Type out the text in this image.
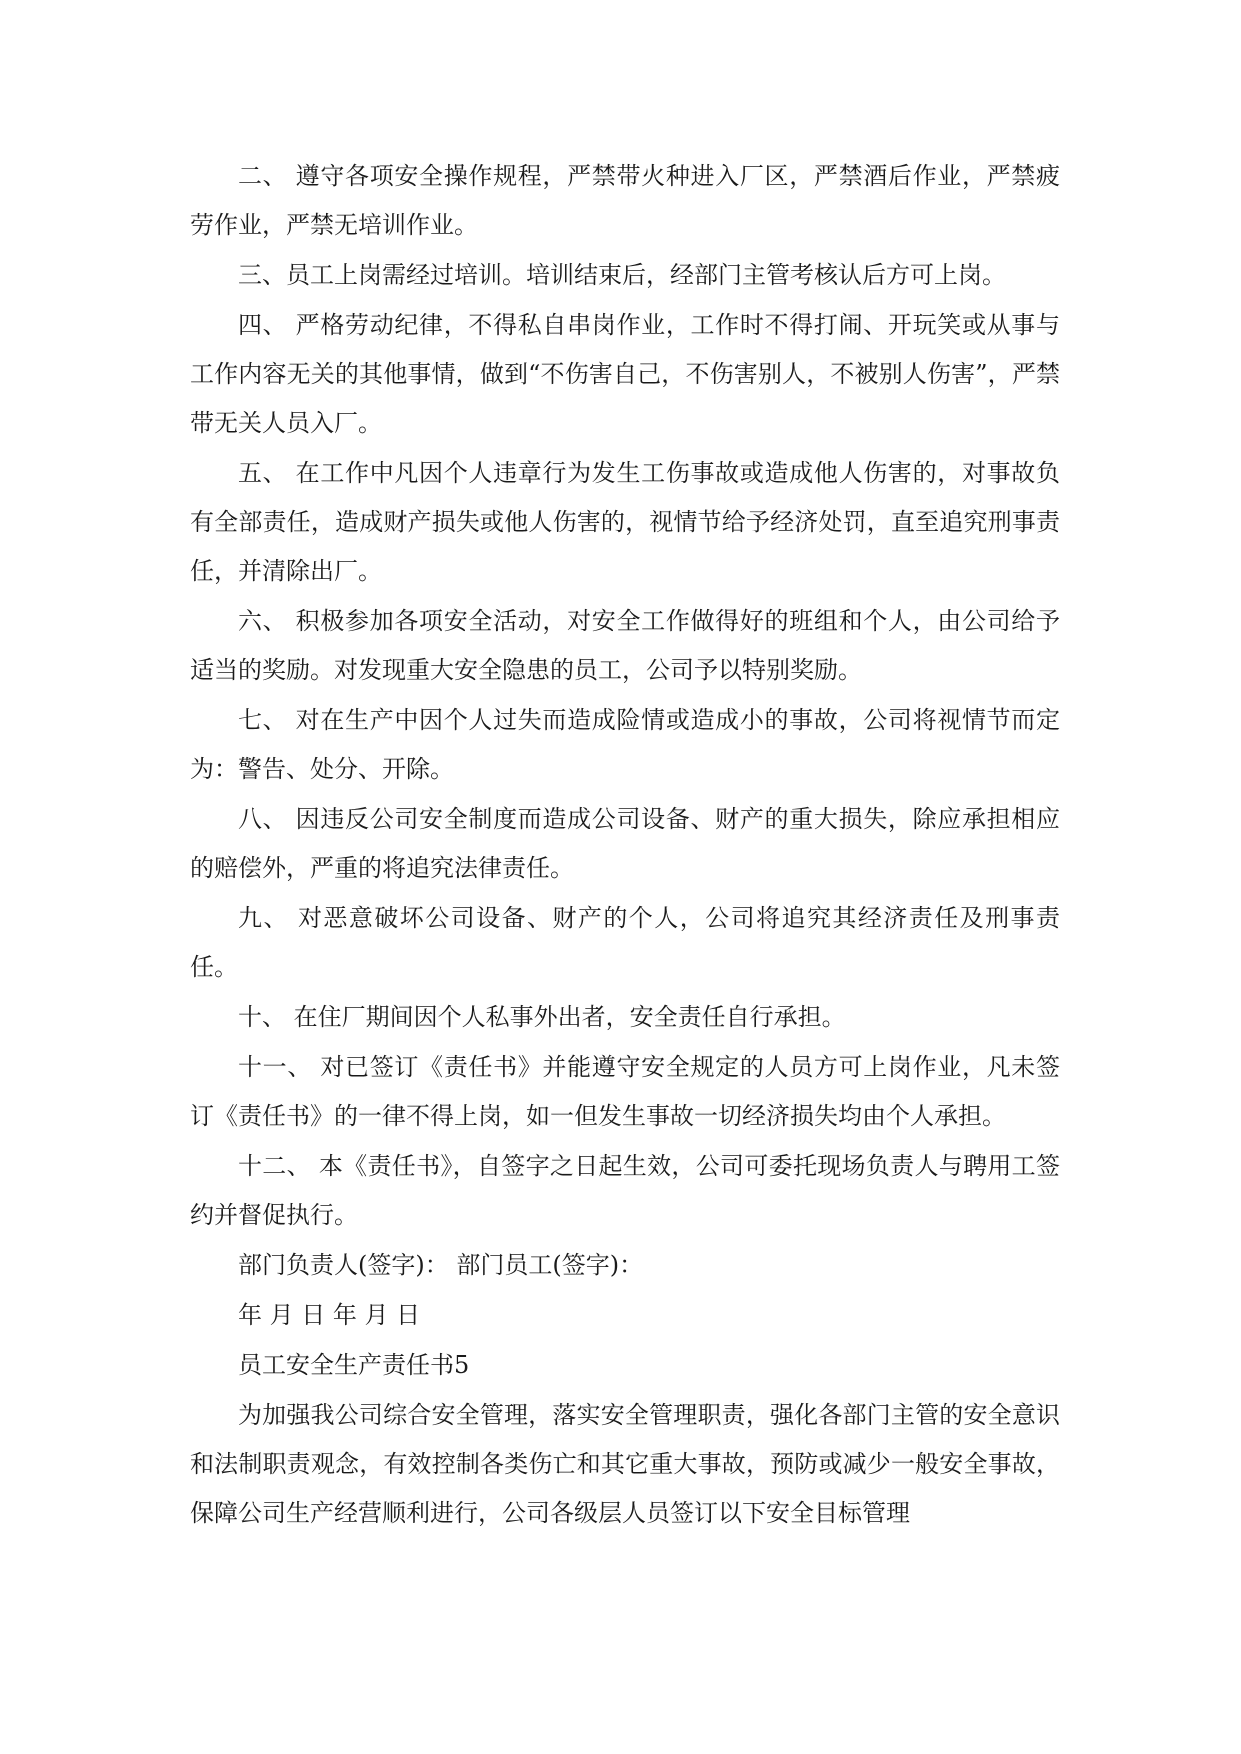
二、 遵守各项安全操作规程，严禁带火种进入厂区，严禁酒后作业，严禁疲劳作业，严禁无培训作业。

三、员工上岗需经过培训。培训结束后，经部门主管考核认后方可上岗。

四、 严格劳动纪律，不得私自串岗作业，工作时不得打闹、开玩笑或从事与工作内容无关的其他事情，做到“不伤害自己，不伤害别人，不被别人伤害”，严禁带无关人员入厂。

五、 在工作中凡因个人违章行为发生工伤事故或造成他人伤害的，对事故负有全部责任，造成财产损失或他人伤害的，视情节给予经济处罚，直至追究刑事责任，并清除出厂。

六、 积极参加各项安全活动，对安全工作做得好的班组和个人，由公司给予适当的奖励。对发现重大安全隐患的员工，公司予以特别奖励。

七、 对在生产中因个人过失而造成险情或造成小的事故，公司将视情节而定为：警告、处分、开除。

八、 因违反公司安全制度而造成公司设备、财产的重大损失，除应承担相应的赔偿外，严重的将追究法律责任。

九、 对恶意破坏公司设备、财产的个人，公司将追究其经济责任及刑事责任。

十、 在住厂期间因个人私事外出者，安全责任自行承担。

十一、 对已签订《责任书》并能遵守安全规定的人员方可上岗作业，凡未签订《责任书》的一律不得上岗，如一但发生事故一切经济损失均由个人承担。

十二、 本《责任书》，自签字之日起生效，公司可委托现场负责人与聘用工签约并督促执行。

部门负责人(签字)： 部门员工(签字)：

年 月 日 年 月 日

员工安全生产责任书5

为加强我公司综合安全管理，落实安全管理职责，强化各部门主管的安全意识和法制职责观念，有效控制各类伤亡和其它重大事故，预防或减少一般安全事故，保障公司生产经营顺利进行，公司各级层人员签订以下安全目标管理
